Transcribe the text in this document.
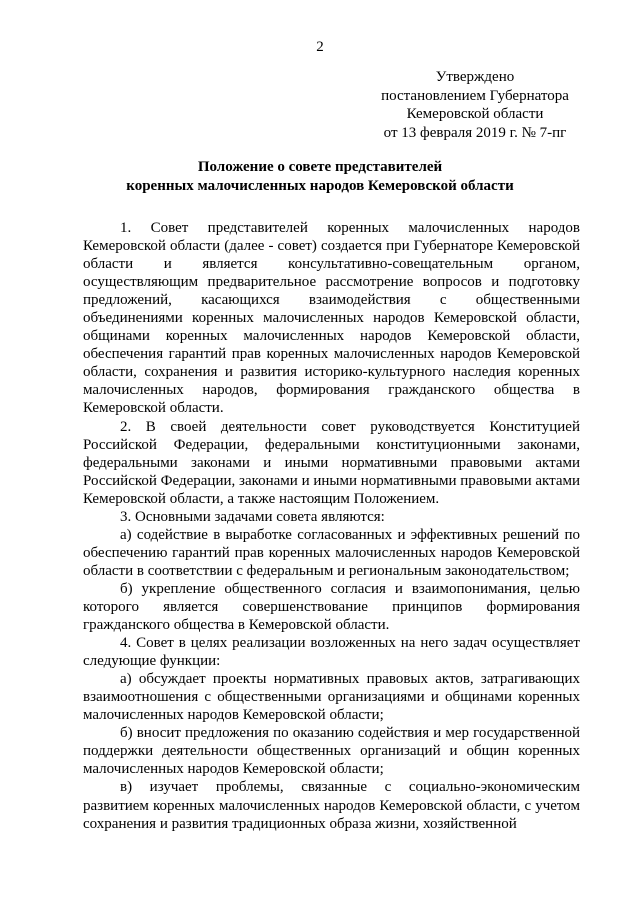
2
Утверждено
постановлением Губернатора
Кемеровской области
от 13 февраля 2019 г. № 7-пг
Положение о совете представителей
коренных малочисленных народов Кемеровской области

1. Совет представителей коренных малочисленных народов Кемеровской области (далее - совет) создается при Губернаторе Кемеровской области и является консультативно-совещательным органом, осуществляющим предварительное рассмотрение вопросов и подготовку предложений, касающихся взаимодействия с общественными объединениями коренных малочисленных народов Кемеровской области, общинами коренных малочисленных народов Кемеровской области, обеспечения гарантий прав коренных малочисленных народов Кемеровской области, сохранения и развития историко-культурного наследия коренных малочисленных народов, формирования гражданского общества в Кемеровской области.

2. В своей деятельности совет руководствуется Конституцией Российской Федерации, федеральными конституционными законами, федеральными законами и иными нормативными правовыми актами Российской Федерации, законами и иными нормативными правовыми актами Кемеровской области, а также настоящим Положением.

3. Основными задачами совета являются:

а) содействие в выработке согласованных и эффективных решений по обеспечению гарантий прав коренных малочисленных народов Кемеровской области в соответствии с федеральным и региональным законодательством;

б) укрепление общественного согласия и взаимопонимания, целью которого является совершенствование принципов формирования гражданского общества в Кемеровской области.

4. Совет в целях реализации возложенных на него задач осуществляет следующие функции:

а) обсуждает проекты нормативных правовых актов, затрагивающих взаимоотношения с общественными организациями и общинами коренных малочисленных народов Кемеровской области;

б) вносит предложения по оказанию содействия и мер государственной поддержки деятельности общественных организаций и общин коренных малочисленных народов Кемеровской области;

в) изучает проблемы, связанные с социально-экономическим развитием коренных малочисленных народов Кемеровской области, с учетом сохранения и развития традиционных образа жизни, хозяйственной
